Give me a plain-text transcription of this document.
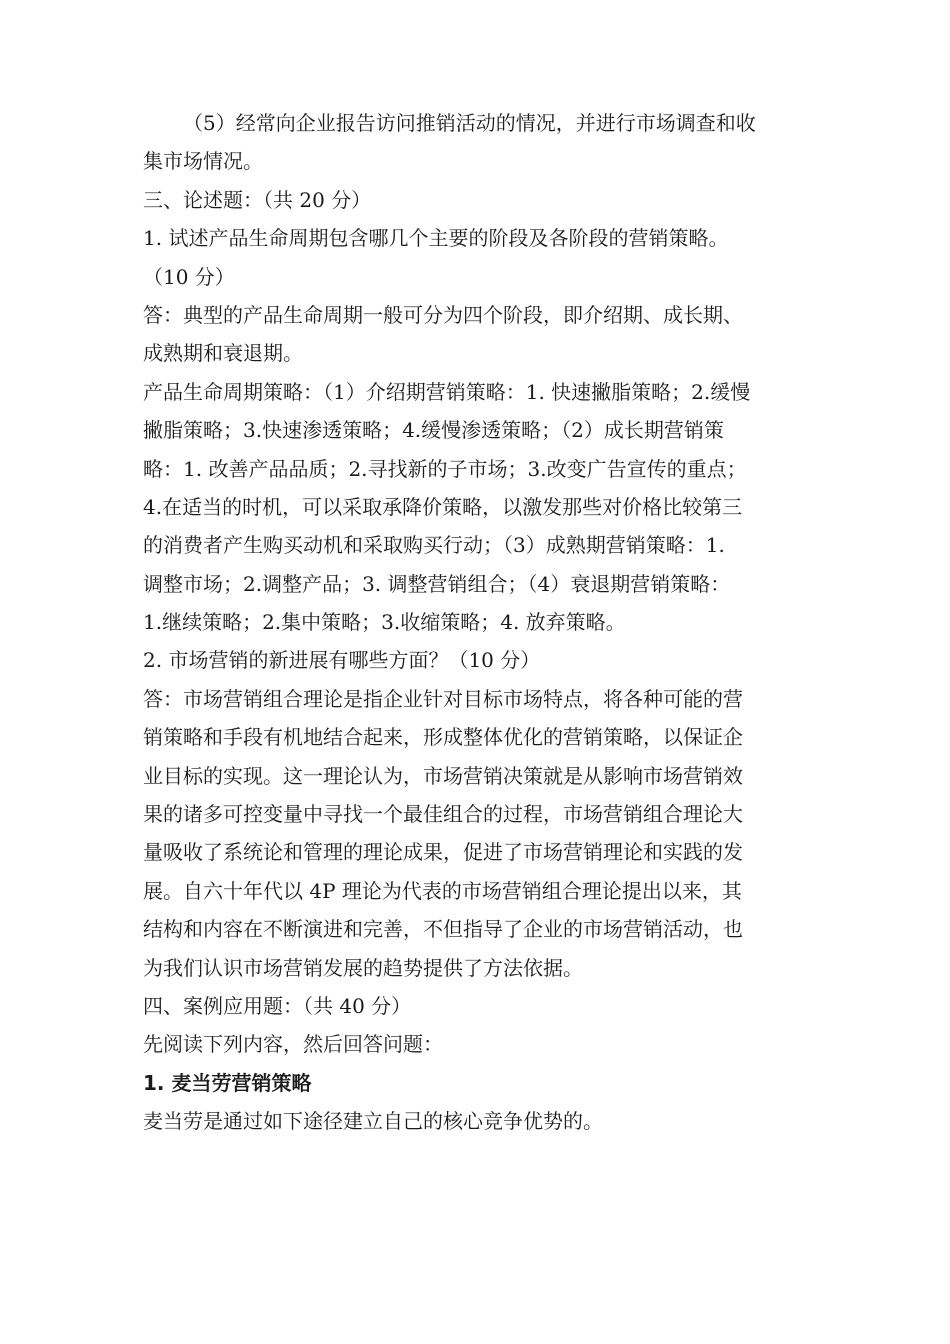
（5）经常向企业报告访问推销活动的情况，并进行市场调查和收
集市场情况。
三、论述题：（共 20 分）
1. 试述产品生命周期包含哪几个主要的阶段及各阶段的营销策略。
（10 分）
答：典型的产品生命周期一般可分为四个阶段，即介绍期、成长期、
成熟期和衰退期。
产品生命周期策略：（1）介绍期营销策略：1. 快速撇脂策略；2.缓慢
撇脂策略；3.快速渗透策略；4.缓慢渗透策略；（2）成长期营销策
略：1. 改善产品品质；2.寻找新的子市场；3.改变广告宣传的重点；
4.在适当的时机，可以采取承降价策略，以激发那些对价格比较第三
的消费者产生购买动机和采取购买行动；（3）成熟期营销策略：1.
调整市场；2.调整产品；3. 调整营销组合；（4）衰退期营销策略：
1.继续策略；2.集中策略；3.收缩策略；4. 放弃策略。
2. 市场营销的新进展有哪些方面？（10 分）
答：市场营销组合理论是指企业针对目标市场特点，将各种可能的营
销策略和手段有机地结合起来，形成整体优化的营销策略，以保证企
业目标的实现。这一理论认为，市场营销决策就是从影响市场营销效
果的诸多可控变量中寻找一个最佳组合的过程，市场营销组合理论大
量吸收了系统论和管理的理论成果，促进了市场营销理论和实践的发
展。自六十年代以 4P 理论为代表的市场营销组合理论提出以来，其
结构和内容在不断演进和完善，不但指导了企业的市场营销活动，也
为我们认识市场营销发展的趋势提供了方法依据。
四、案例应用题：（共 40 分）
先阅读下列内容，然后回答问题：
1. 麦当劳营销策略
麦当劳是通过如下途径建立自己的核心竞争优势的。
